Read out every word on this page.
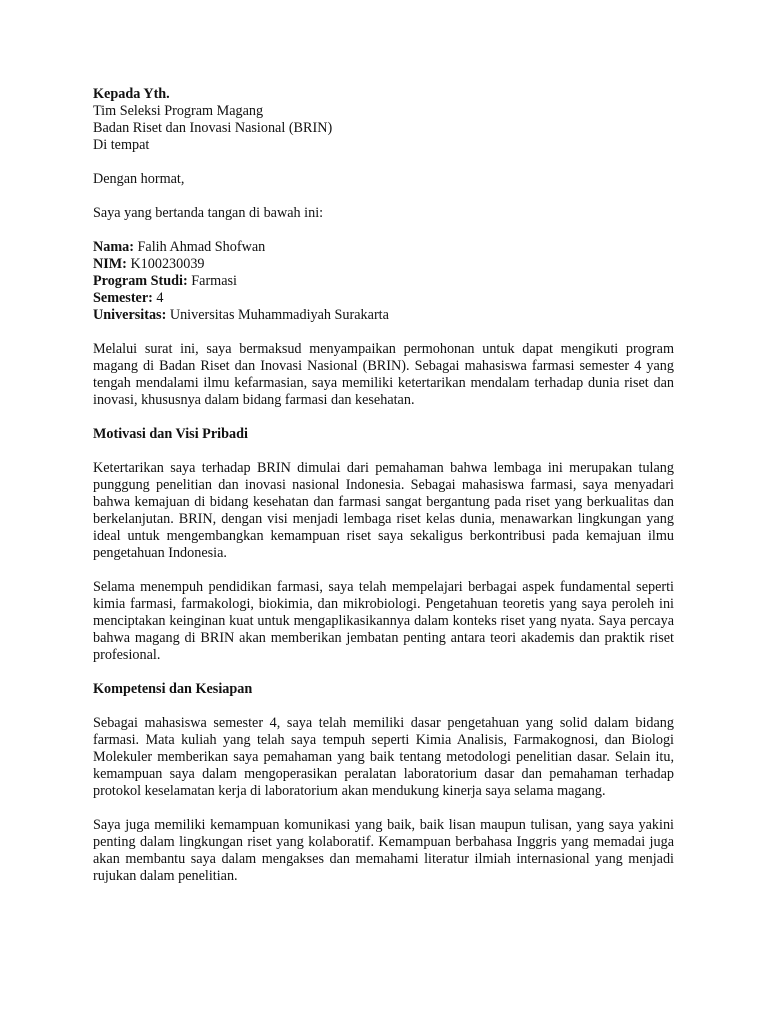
Kepada Yth.

Tim Seleksi Program Magang

Badan Riset dan Inovasi Nasional (BRIN)

Di tempat

Dengan hormat,

Saya yang bertanda tangan di bawah ini:

Nama: Falih Ahmad Shofwan

NIM: K100230039

Program Studi: Farmasi

Semester: 4

Universitas: Universitas Muhammadiyah Surakarta

Melalui surat ini, saya bermaksud menyampaikan permohonan untuk dapat mengikuti program magang di Badan Riset dan Inovasi Nasional (BRIN). Sebagai mahasiswa farmasi semester 4 yang tengah mendalami ilmu kefarmasian, saya memiliki ketertarikan mendalam terhadap dunia riset dan inovasi, khususnya dalam bidang farmasi dan kesehatan.

Motivasi dan Visi Pribadi

Ketertarikan saya terhadap BRIN dimulai dari pemahaman bahwa lembaga ini merupakan tulang punggung penelitian dan inovasi nasional Indonesia. Sebagai mahasiswa farmasi, saya menyadari bahwa kemajuan di bidang kesehatan dan farmasi sangat bergantung pada riset yang berkualitas dan berkelanjutan. BRIN, dengan visi menjadi lembaga riset kelas dunia, menawarkan lingkungan yang ideal untuk mengembangkan kemampuan riset saya sekaligus berkontribusi pada kemajuan ilmu pengetahuan Indonesia.

Selama menempuh pendidikan farmasi, saya telah mempelajari berbagai aspek fundamental seperti kimia farmasi, farmakologi, biokimia, dan mikrobiologi. Pengetahuan teoretis yang saya peroleh ini menciptakan keinginan kuat untuk mengaplikasikannya dalam konteks riset yang nyata. Saya percaya bahwa magang di BRIN akan memberikan jembatan penting antara teori akademis dan praktik riset profesional.

Kompetensi dan Kesiapan

Sebagai mahasiswa semester 4, saya telah memiliki dasar pengetahuan yang solid dalam bidang farmasi. Mata kuliah yang telah saya tempuh seperti Kimia Analisis, Farmakognosi, dan Biologi Molekuler memberikan saya pemahaman yang baik tentang metodologi penelitian dasar. Selain itu, kemampuan saya dalam mengoperasikan peralatan laboratorium dasar dan pemahaman terhadap protokol keselamatan kerja di laboratorium akan mendukung kinerja saya selama magang.

Saya juga memiliki kemampuan komunikasi yang baik, baik lisan maupun tulisan, yang saya yakini penting dalam lingkungan riset yang kolaboratif. Kemampuan berbahasa Inggris yang memadai juga akan membantu saya dalam mengakses dan memahami literatur ilmiah internasional yang menjadi rujukan dalam penelitian.
